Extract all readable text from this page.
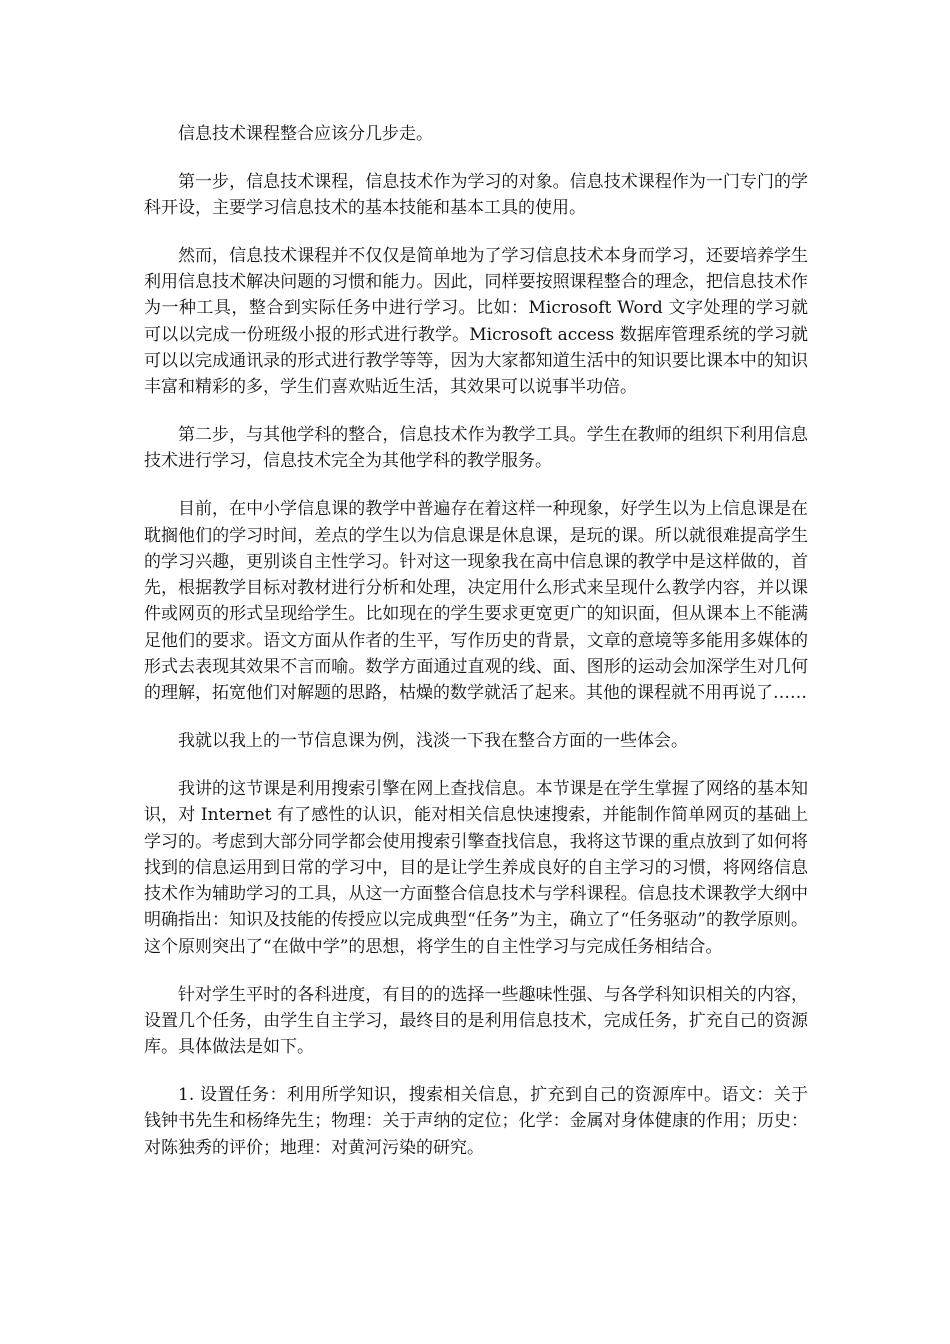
信息技术课程整合应该分几步走。

第一步，信息技术课程，信息技术作为学习的对象。信息技术课程作为一门专门的学科开设，主要学习信息技术的基本技能和基本工具的使用。

然而，信息技术课程并不仅仅是简单地为了学习信息技术本身而学习，还要培养学生利用信息技术解决问题的习惯和能力。因此，同样要按照课程整合的理念，把信息技术作为一种工具，整合到实际任务中进行学习。比如：Microsoft Word 文字处理的学习就可以以完成一份班级小报的形式进行教学。Microsoft access 数据库管理系统的学习就可以以完成通讯录的形式进行教学等等，因为大家都知道生活中的知识要比课本中的知识丰富和精彩的多，学生们喜欢贴近生活，其效果可以说事半功倍。

第二步，与其他学科的整合，信息技术作为教学工具。学生在教师的组织下利用信息技术进行学习，信息技术完全为其他学科的教学服务。

目前，在中小学信息课的教学中普遍存在着这样一种现象，好学生以为上信息课是在耽搁他们的学习时间，差点的学生以为信息课是休息课，是玩的课。所以就很难提高学生的学习兴趣，更别谈自主性学习。针对这一现象我在高中信息课的教学中是这样做的，首先，根据教学目标对教材进行分析和处理，决定用什么形式来呈现什么教学内容，并以课件或网页的形式呈现给学生。比如现在的学生要求更宽更广的知识面，但从课本上不能满足他们的要求。语文方面从作者的生平，写作历史的背景，文章的意境等多能用多媒体的形式去表现其效果不言而喻。数学方面通过直观的线、面、图形的运动会加深学生对几何的理解，拓宽他们对解题的思路，枯燥的数学就活了起来。其他的课程就不用再说了……

我就以我上的一节信息课为例，浅淡一下我在整合方面的一些体会。

我讲的这节课是利用搜索引擎在网上查找信息。本节课是在学生掌握了网络的基本知识，对 Internet 有了感性的认识，能对相关信息快速搜索，并能制作简单网页的基础上学习的。考虑到大部分同学都会使用搜索引擎查找信息，我将这节课的重点放到了如何将找到的信息运用到日常的学习中，目的是让学生养成良好的自主学习的习惯，将网络信息技术作为辅助学习的工具，从这一方面整合信息技术与学科课程。信息技术课教学大纲中明确指出：知识及技能的传授应以完成典型“任务”为主，确立了“任务驱动”的教学原则。这个原则突出了“在做中学”的思想，将学生的自主性学习与完成任务相结合。

针对学生平时的各科进度，有目的的选择一些趣味性强、与各学科知识相关的内容，设置几个任务，由学生自主学习，最终目的是利用信息技术，完成任务，扩充自己的资源库。具体做法是如下。

1. 设置任务：利用所学知识，搜索相关信息，扩充到自己的资源库中。语文：关于钱钟书先生和杨绛先生；物理：关于声纳的定位；化学：金属对身体健康的作用；历史：对陈独秀的评价；地理：对黄河污染的研究。
